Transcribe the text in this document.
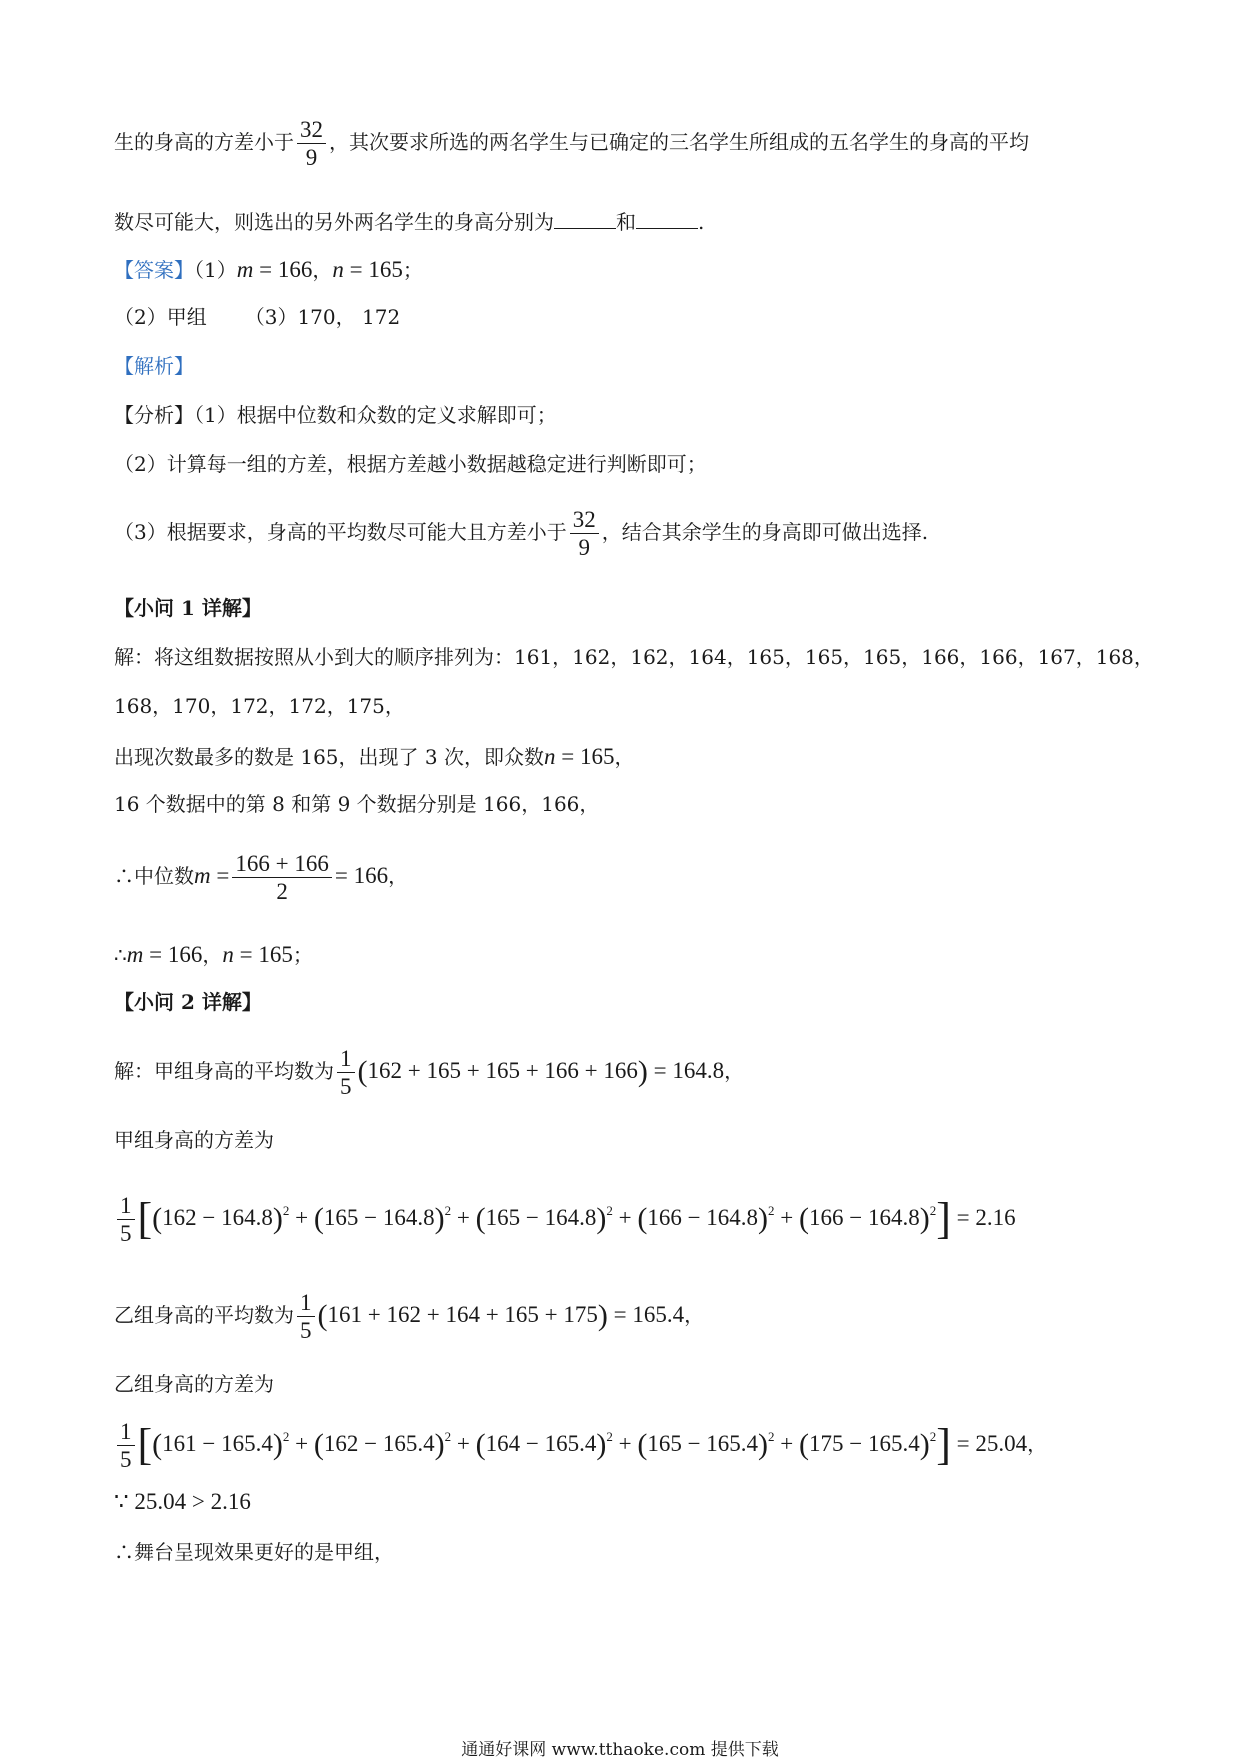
生的身高的方差小于 $\frac{32}{9}$ ，其次要求所选的两名学生与已确定的三名学生所组成的五名学生的身高的平均
数尽可能大，则选出的另外两名学生的身高分别为	和	.
【答案】（1）m = 166，n = 165；
（2）甲组 （3）170， 172
【解析】
【分析】（1）根据中位数和众数的定义求解即可；
（2）计算每一组的方差，根据方差越小数据越稳定进行判断即可；
（3）根据要求，身高的平均数尽可能大且方差小于 $\frac{32}{9}$ ，结合其余学生的身高即可做出选择.
【小问 1 详解】
解：将这组数据按照从小到大的顺序排列为：161，162，162，164，165，165，165，166，166，167，168，
168，170，172，172，175，
出现次数最多的数是 165，出现了 3 次，即众数n = 165，
16 个数据中的第 8 和第 9 个数据分别是 166，166，
∴中位数$m = \frac{166 + 166}{2} = 166$，
∴m = 166，n = 165；
【小问 2 详解】
解：甲组身高的平均数为 $\frac{1}{5} (162 + 165 + 165 + 166 + 166) = 164.8$，
甲组身高的方差为
$\frac{1}{5} [(162 - 164.8)^2 + (165 - 164.8)^2 + (165 - 164.8)^2 + (166 - 164.8)^2 + (166 - 164.8)^2] = 2.16$
乙组身高的平均数为 $\frac{1}{5} (161 + 162 + 164 + 165 + 175) = 165.4$，
乙组身高的方差为
$\frac{1}{5} [(161 - 165.4)^2 + (162 - 165.4)^2 + (164 - 165.4)^2 + (165 - 165.4)^2 + (175 - 165.4)^2] = 25.04$，
∵ 25.04 > 2.16
∴舞台呈现效果更好的是甲组，
通通好课网 www.tthaoke.com 提供下载
